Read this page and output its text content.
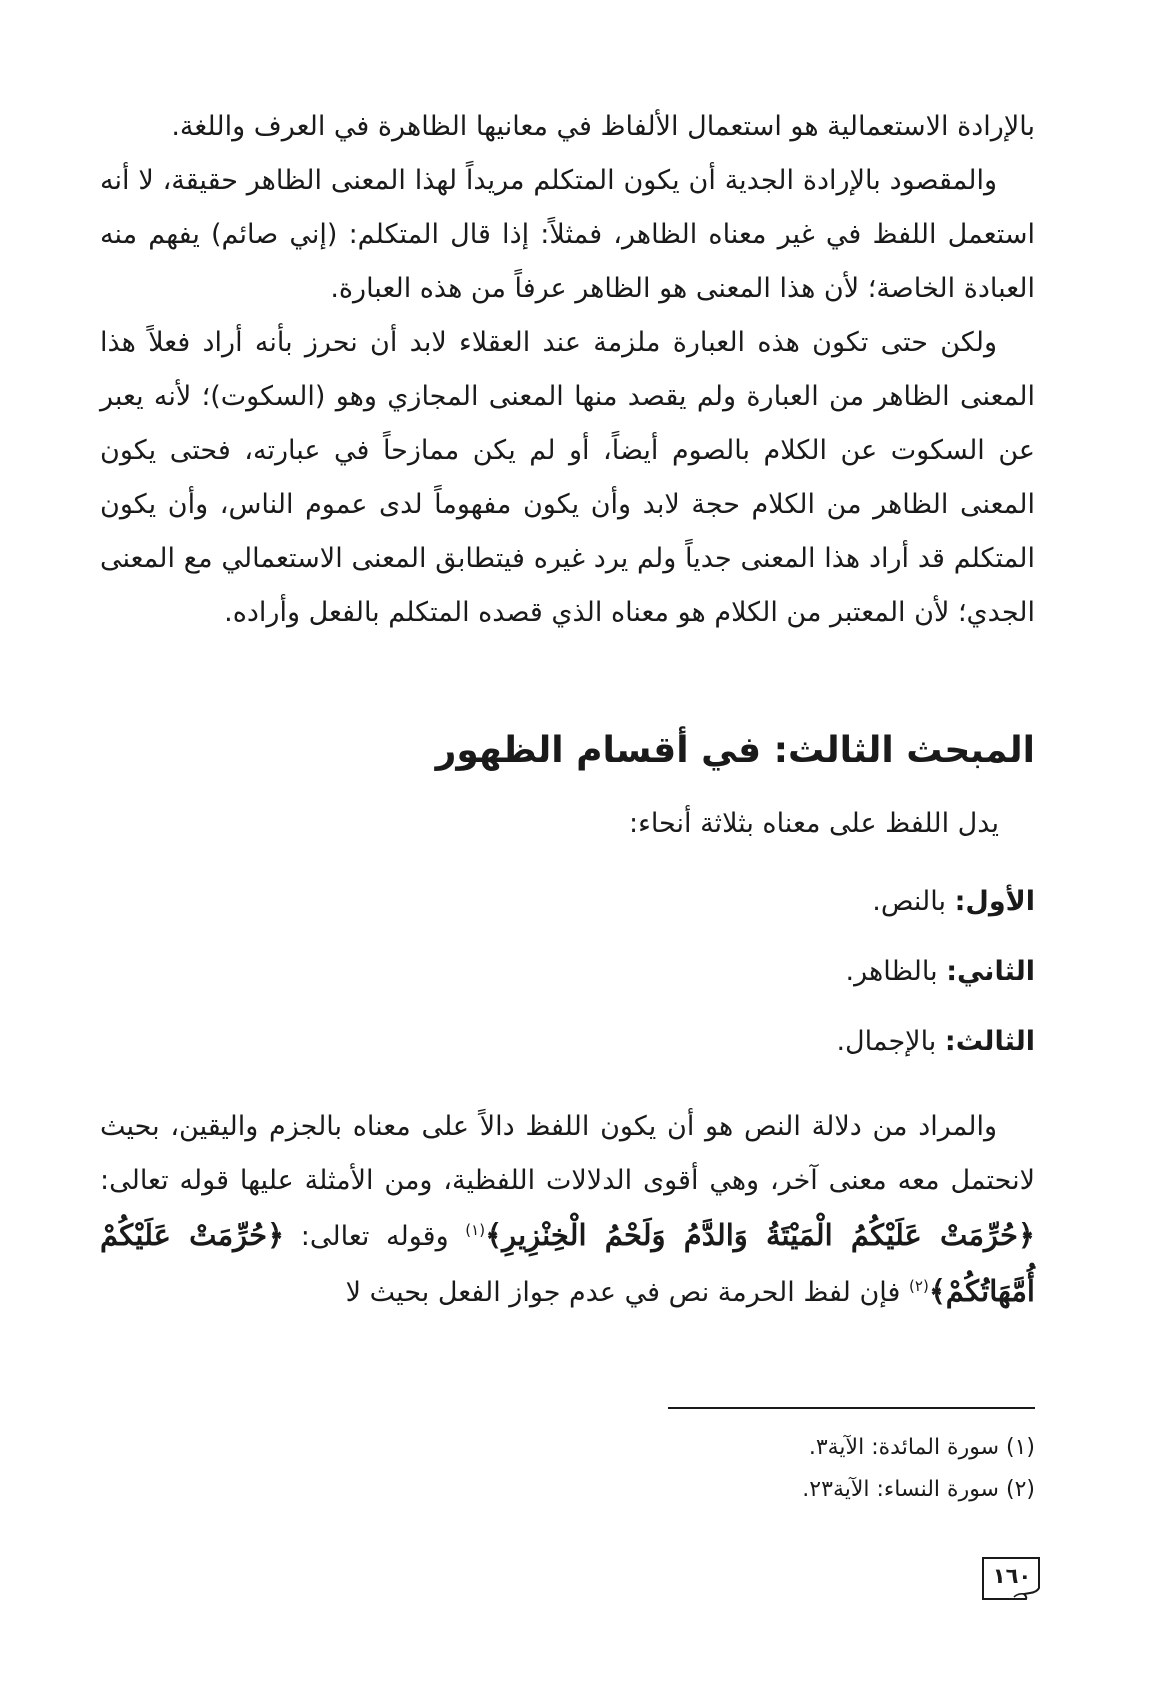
بالإرادة الاستعمالية هو استعمال الألفاظ في معانيها الظاهرة في العرف واللغة.

والمقصود بالإرادة الجدية أن يكون المتكلم مريداً لهذا المعنى الظاهر حقيقة، لا أنه استعمل اللفظ في غير معناه الظاهر، فمثلاً: إذا قال المتكلم: (إني صائم) يفهم منه العبادة الخاصة؛ لأن هذا المعنى هو الظاهر عرفاً من هذه العبارة.

ولكن حتى تكون هذه العبارة ملزمة عند العقلاء لابد أن نحرز بأنه أراد فعلاً هذا المعنى الظاهر من العبارة ولم يقصد منها المعنى المجازي وهو (السكوت)؛ لأنه يعبر عن السكوت عن الكلام بالصوم أيضاً، أو لم يكن ممازحاً في عبارته، فحتى يكون المعنى الظاهر من الكلام حجة لابد وأن يكون مفهوماً لدى عموم الناس، وأن يكون المتكلم قد أراد هذا المعنى جدياً ولم يرد غيره فيتطابق المعنى الاستعمالي مع المعنى الجدي؛ لأن المعتبر من الكلام هو معناه الذي قصده المتكلم بالفعل وأراده.

المبحث الثالث: في أقسام الظهور
يدل اللفظ على معناه بثلاثة أنحاء:
الأول: بالنص.
الثاني: بالظاهر.
الثالث: بالإجمال.

والمراد من دلالة النص هو أن يكون اللفظ دالاً على معناه بالجزم واليقين، بحيث لانحتمل معه معنى آخر، وهي أقوى الدلالات اللفظية، ومن الأمثلة عليها قوله تعالى: ﴿حُرِّمَتْ عَلَيْكُمُ الْمَيْتَةُ وَالدَّمُ وَلَحْمُ الْخِنْزِيرِ﴾$^{(١)}$ وقوله تعالى: ﴿حُرِّمَتْ عَلَيْكُمْ أُمَّهَاتُكُمْ﴾$^{(٢)}$ فإن لفظ الحرمة نص في عدم جواز الفعل بحيث لا

(١) سورة المائدة: الآية٣.
(٢) سورة النساء: الآية٢٣.
١٦٠
